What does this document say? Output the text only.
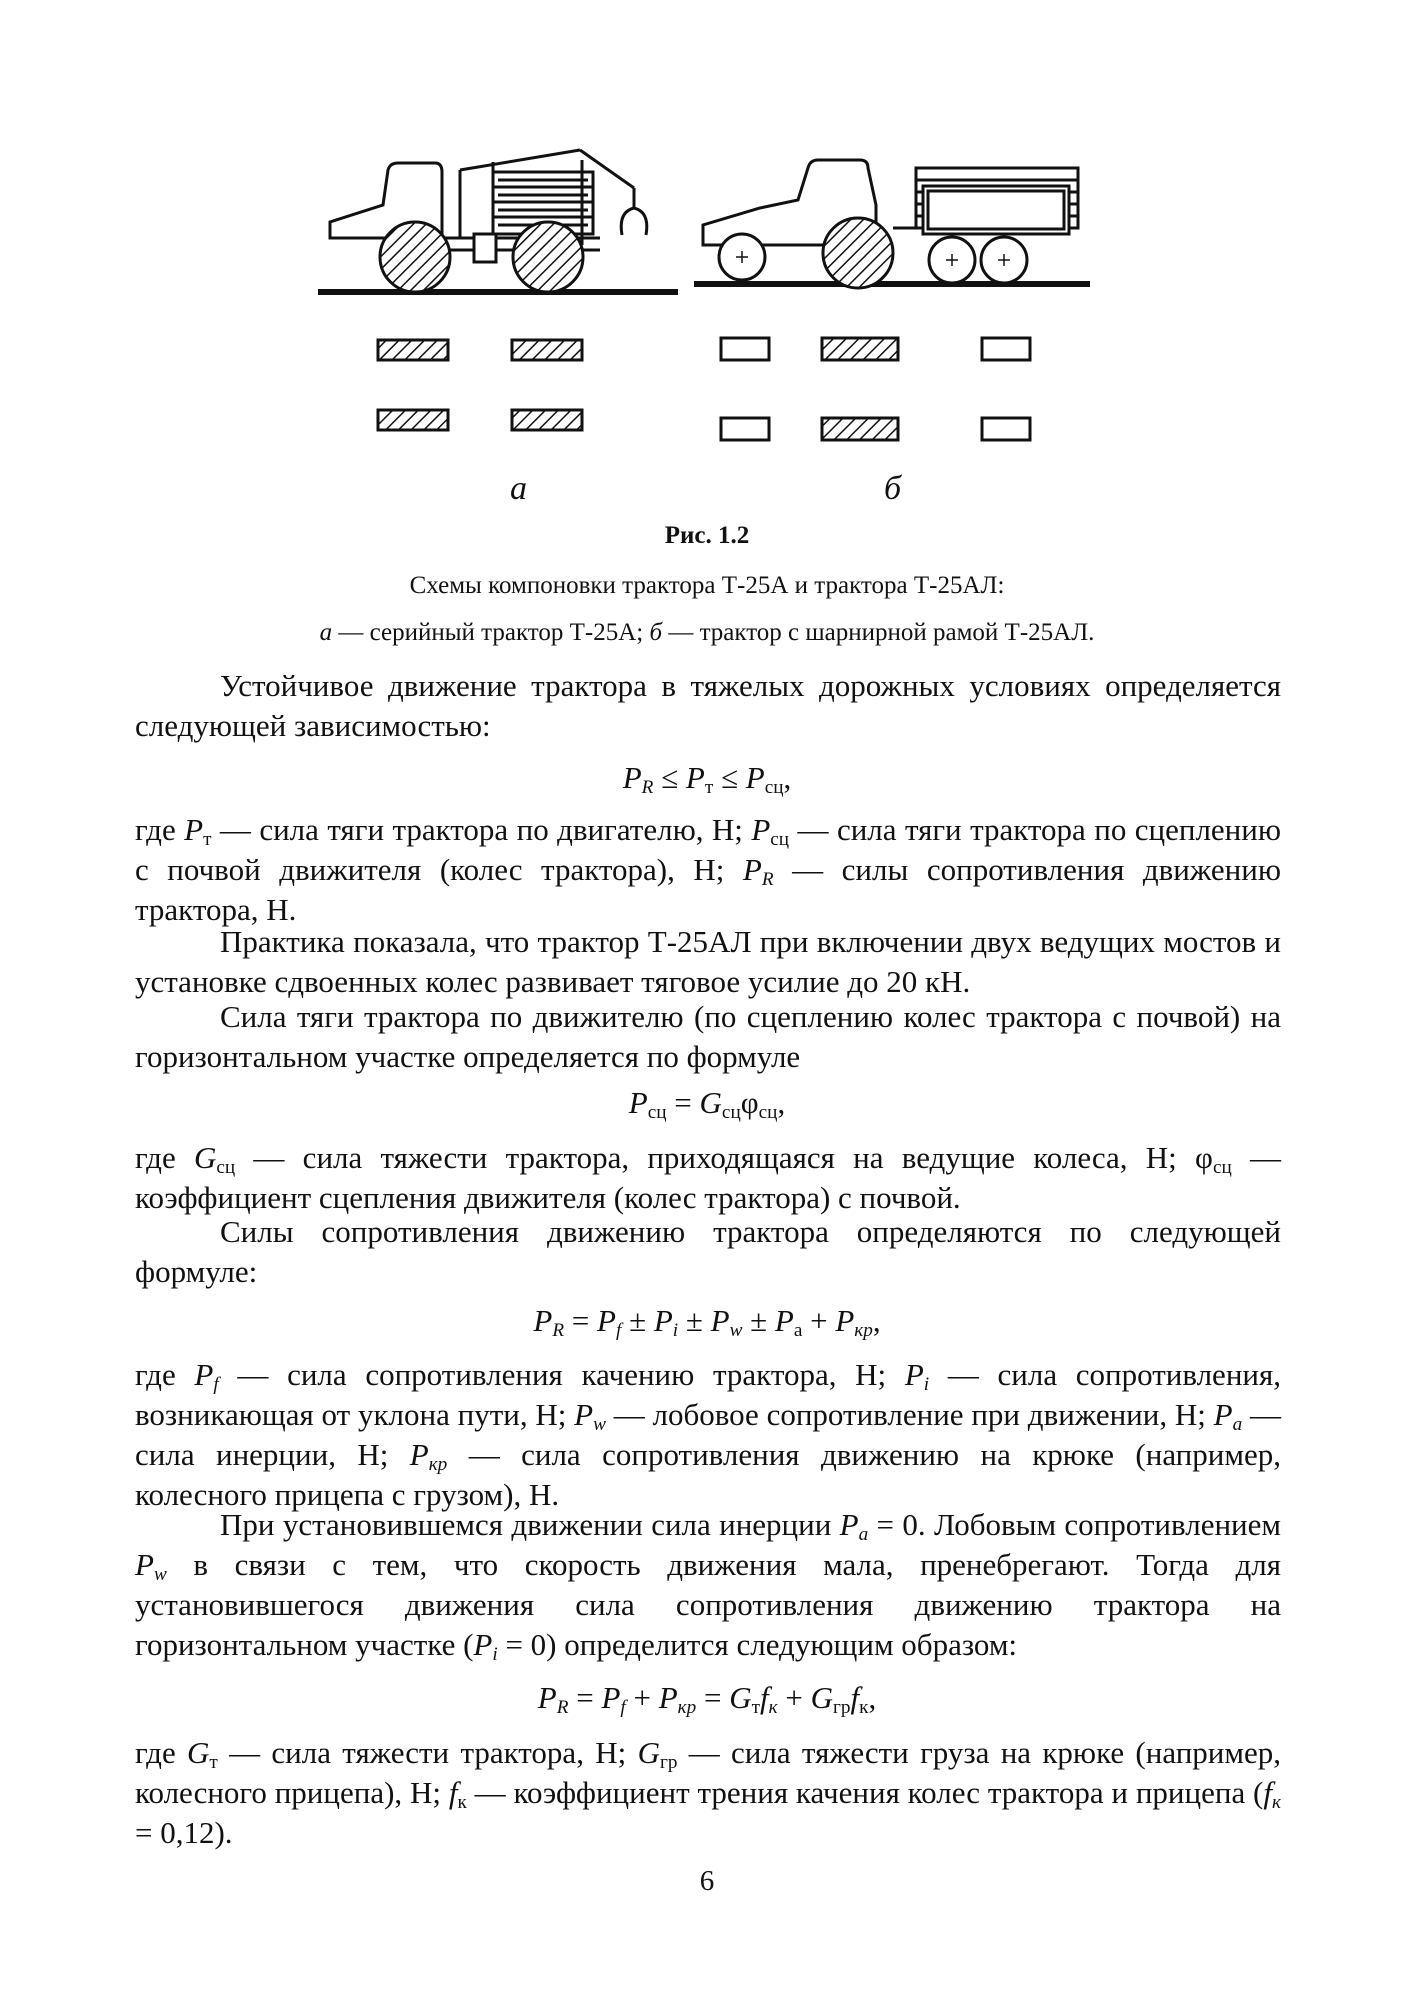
а	б
Рис. 1.2
Схемы компоновки трактора Т-25А и трактора Т-25АЛ:
а — серийный трактор Т-25А; б — трактор с шарнирной рамой Т-25АЛ.
Устойчивое движение трактора в тяжелых дорожных условиях определяется следующей зависимостью:
$P_R \le P_т \le P_{сц}$,
где $P_т$ — сила тяги трактора по двигателю, Н; $P_{сц}$ — сила тяги трактора по сцеплению с почвой движителя (колес трактора), Н; $P_R$ — силы сопротивления движению трактора, Н.
Практика показала, что трактор Т-25АЛ при включении двух ведущих мостов и установке сдвоенных колес развивает тяговое усилие до 20 кН.
Сила тяги трактора по движителю (по сцеплению колес трактора с почвой) на горизонтальном участке определяется по формуле
$P_{сц} = G_{сц}\varphi_{сц}$,
где $G_{сц}$ — сила тяжести трактора, приходящаяся на ведущие колеса, Н; $\varphi_{сц}$ — коэффициент сцепления движителя (колес трактора) с почвой.
Силы сопротивления движению трактора определяются по следующей формуле:
$P_R = P_f \pm P_i \pm P_w \pm P_а + P_{кр}$,
где $P_f$ — сила сопротивления качению трактора, Н; $P_i$ — сила сопротивления, возникающая от уклона пути, Н; $P_w$ — лобовое сопротивление при движении, Н; $P_a$ — сила инерции, Н; $P_{кр}$ — сила сопротивления движению на крюке (например, колесного прицепа с грузом), Н.
При установившемся движении сила инерции $P_a = 0$. Лобовым сопротивлением $P_w$ в связи с тем, что скорость движения мала, пренебрегают. Тогда для установившегося движения сила сопротивления движению трактора на горизонтальном участке $(P_i = 0)$ определится следующим образом:
$P_R = P_f + P_{кр} = G_тf_к + G_{гр}f_к$,
где $G_т$ — сила тяжести трактора, Н; $G_{гр}$ — сила тяжести груза на крюке (например, колесного прицепа), Н; $f_к$ — коэффициент трения качения колес трактора и прицепа $(f_к = 0,12)$.
6
